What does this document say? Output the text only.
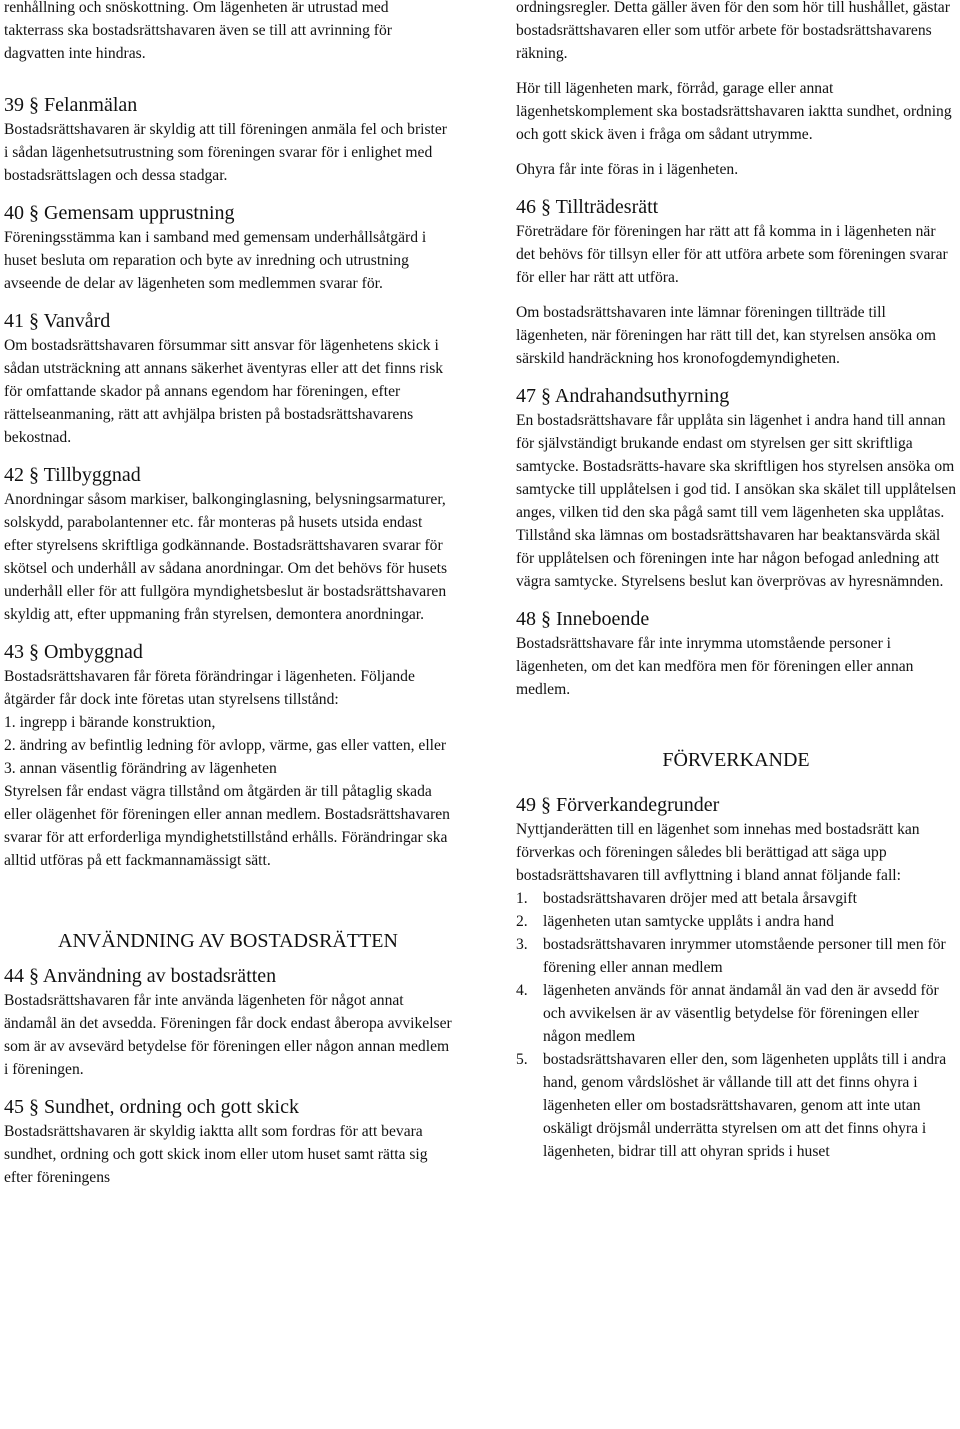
renhållning och snöskottning. Om lägenheten är utrustad med takterrass ska bostadsrättshavaren även se till att avrinning för dagvatten inte hindras.

39 § Felanmälan

Bostadsrättshavaren är skyldig att till föreningen anmäla fel och brister i sådan lägenhetsutrustning som föreningen svarar för i enlighet med bostadsrättslagen och dessa stadgar.

40 § Gemensam upprustning

Föreningsstämma kan i samband med gemensam underhållsåtgärd i huset besluta om reparation och byte av inredning och utrustning avseende de delar av lägenheten som medlemmen svarar för.

41 § Vanvård

Om bostadsrättshavaren försummar sitt ansvar för lägenhetens skick i sådan utsträckning att annans säkerhet äventyras eller att det finns risk för omfattande skador på annans egendom har föreningen, efter rättelseanmaning, rätt att avhjälpa bristen på bostadsrättshavarens bekostnad.

42 § Tillbyggnad

Anordningar såsom markiser, balkonginglasning, belysningsarmaturer, solskydd, parabolantenner etc. får monteras på husets utsida endast efter styrelsens skriftliga godkännande. Bostadsrättshavaren svarar för skötsel och underhåll av sådana anordningar. Om det behövs för husets underhåll eller för att fullgöra myndighetsbeslut är bostadsrättshavaren skyldig att, efter uppmaning från styrelsen, demontera anordningar.

43 § Ombyggnad

Bostadsrättshavaren får företa förändringar i lägenheten. Följande åtgärder får dock inte företas utan styrelsens tillstånd:

1. ingrepp i bärande konstruktion,
2. ändring av befintlig ledning för avlopp, värme, gas eller vatten, eller
3. annan väsentlig förändring av lägenheten

Styrelsen får endast vägra tillstånd om åtgärden är till påtaglig skada eller olägenhet för föreningen eller annan medlem. Bostadsrättshavaren svarar för att erforderliga myndighetstillstånd erhålls. Förändringar ska alltid utföras på ett fackmannamässigt sätt.

ANVÄNDNING AV BOSTADSRÄTTEN
44 § Användning av bostadsrätten

Bostadsrättshavaren får inte använda lägenheten för något annat ändamål än det avsedda. Föreningen får dock endast åberopa avvikelser som är av avsevärd betydelse för föreningen eller någon annan medlem i föreningen.

45 § Sundhet, ordning och gott skick

Bostadsrättshavaren är skyldig iaktta allt som fordras för att bevara sundhet, ordning och gott skick inom eller utom huset samt rätta sig efter föreningens

ordningsregler. Detta gäller även för den som hör till hushållet, gästar bostadsrättshavaren eller som utför arbete för bostadsrättshavarens räkning.

Hör till lägenheten mark, förråd, garage eller annat lägenhetskomplement ska bostadsrättshavaren iaktta sundhet, ordning och gott skick även i fråga om sådant utrymme.

Ohyra får inte föras in i lägenheten.

46 § Tillträdesrätt

Företrädare för föreningen har rätt att få komma in i lägenheten när det behövs för tillsyn eller för att utföra arbete som föreningen svarar för eller har rätt att utföra.

Om bostadsrättshavaren inte lämnar föreningen tillträde till lägenheten, när föreningen har rätt till det, kan styrelsen ansöka om särskild handräckning hos kronofogdemyndigheten.

47 § Andrahandsuthyrning

En bostadsrättshavare får upplåta sin lägenhet i andra hand till annan för självständigt brukande endast om styrelsen ger sitt skriftliga samtycke. Bostadsrätts-havare ska skriftligen hos styrelsen ansöka om samtycke till upplåtelsen i god tid. I ansökan ska skälet till upplåtelsen anges, vilken tid den ska pågå samt till vem lägenheten ska upplåtas. Tillstånd ska lämnas om bostadsrättshavaren har beaktansvärda skäl för upplåtelsen och föreningen inte har någon befogad anledning att vägra samtycke. Styrelsens beslut kan överprövas av hyresnämnden.

48 § Inneboende

Bostadsrättshavare får inte inrymma utomstående personer i lägenheten, om det kan medföra men för föreningen eller annan medlem.

FÖRVERKANDE
49 § Förverkandegrunder

Nyttjanderätten till en lägenhet som innehas med bostadsrätt kan förverkas och föreningen således bli berättigad att säga upp bostadsrättshavaren till avflyttning i bland annat följande fall:

1. bostadsrättshavaren dröjer med att betala årsavgift
2. lägenheten utan samtycke upplåts i andra hand
3. bostadsrättshavaren inrymmer utomstående personer till men för förening eller annan medlem
4. lägenheten används för annat ändamål än vad den är avsedd för och avvikelsen är av väsentlig betydelse för föreningen eller någon medlem
5. bostadsrättshavaren eller den, som lägenheten upplåts till i andra hand, genom vårdslöshet är vållande till att det finns ohyra i lägenheten eller om bostadsrättshavaren, genom att inte utan oskäligt dröjsmål underrätta styrelsen om att det finns ohyra i lägenheten, bidrar till att ohyran sprids i huset
